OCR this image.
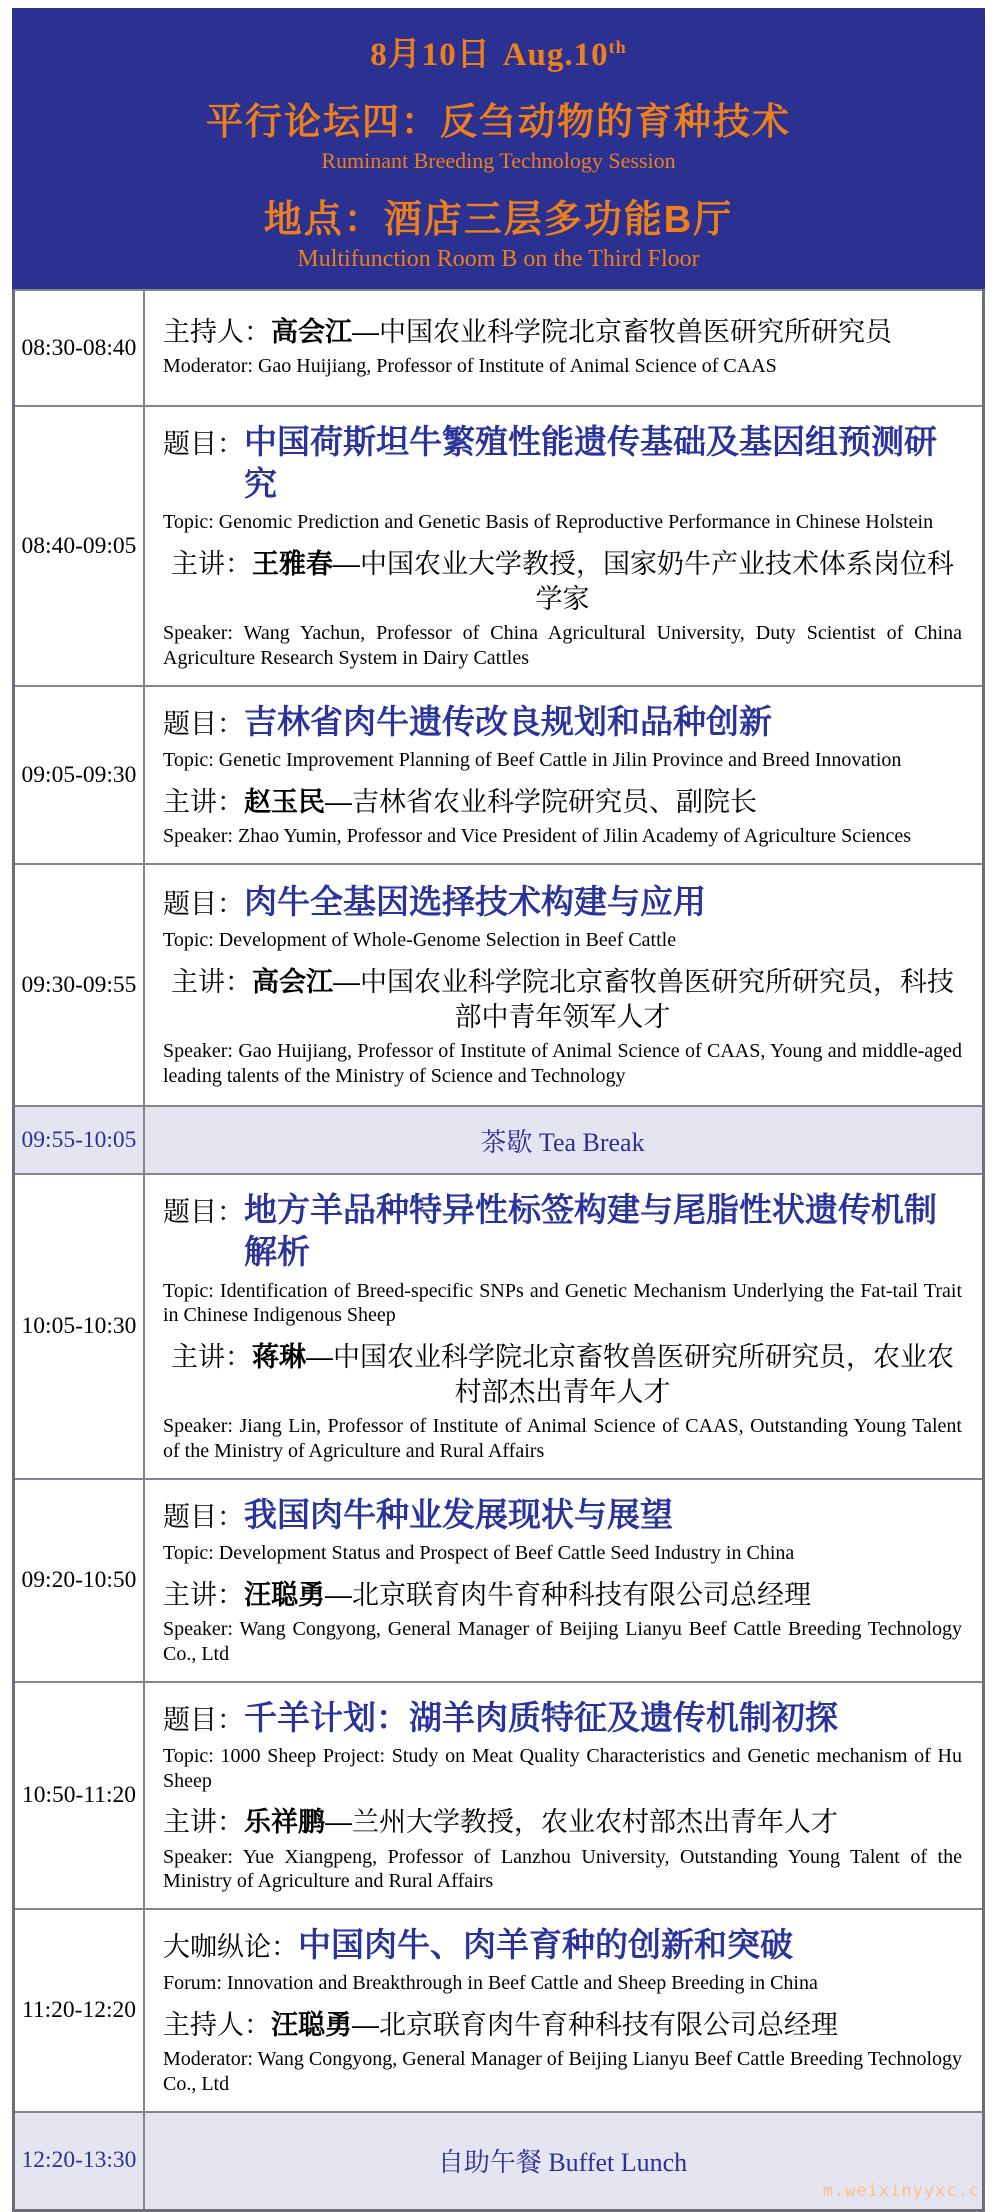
8月10日 Aug.10th
平行论坛四：反刍动物的育种技术
Ruminant Breeding Technology Session
地点：酒店三层多功能B厅
Multifunction Room B on the Third Floor
08:30-08:40
主持人：高会江—中国农业科学院北京畜牧兽医研究所研究员
Moderator: Gao Huijiang, Professor of Institute of Animal Science of CAAS
08:40-09:05
题目： 中国荷斯坦牛繁殖性能遗传基础及基因组预测研究
Topic: Genomic Prediction and Genetic Basis of Reproductive Performance in Chinese Holstein
主讲：王雅春—中国农业大学教授，国家奶牛产业技术体系岗位科学家
Speaker: Wang Yachun, Professor of China Agricultural University, Duty Scientist of China Agriculture Research System in Dairy Cattles
09:05-09:30
题目： 吉林省肉牛遗传改良规划和品种创新
Topic: Genetic Improvement Planning of Beef Cattle in Jilin Province and Breed Innovation
主讲：赵玉民—吉林省农业科学院研究员、副院长
Speaker: Zhao Yumin, Professor and Vice President of Jilin Academy of Agriculture Sciences
09:30-09:55
题目： 肉牛全基因选择技术构建与应用
Topic: Development of Whole-Genome Selection in Beef Cattle
主讲：高会江—中国农业科学院北京畜牧兽医研究所研究员，科技部中青年领军人才
Speaker: Gao Huijiang, Professor of Institute of Animal Science of CAAS, Young and middle-aged leading talents of the Ministry of Science and Technology
09:55-10:05	茶歇 Tea Break
10:05-10:30
题目： 地方羊品种特异性标签构建与尾脂性状遗传机制解析
Topic: Identification of Breed-specific SNPs and Genetic Mechanism Underlying the Fat-tail Trait in Chinese Indigenous Sheep
主讲：蒋琳—中国农业科学院北京畜牧兽医研究所研究员，农业农村部杰出青年人才
Speaker: Jiang Lin, Professor of Institute of Animal Science of CAAS, Outstanding Young Talent of the Ministry of Agriculture and Rural Affairs
09:20-10:50
题目： 我国肉牛种业发展现状与展望
Topic: Development Status and Prospect of Beef Cattle Seed Industry in China
主讲：汪聪勇—北京联育肉牛育种科技有限公司总经理
Speaker: Wang Congyong, General Manager of Beijing Lianyu Beef Cattle Breeding Technology Co., Ltd
10:50-11:20
题目： 千羊计划：湖羊肉质特征及遗传机制初探
Topic: 1000 Sheep Project: Study on Meat Quality Characteristics and Genetic mechanism of Hu Sheep
主讲：乐祥鹏—兰州大学教授，农业农村部杰出青年人才
Speaker: Yue Xiangpeng, Professor of Lanzhou University, Outstanding Young Talent of the Ministry of Agriculture and Rural Affairs
11:20-12:20
大咖纵论： 中国肉牛、肉羊育种的创新和突破
Forum: Innovation and Breakthrough in Beef Cattle and Sheep Breeding in China
主持人：汪聪勇—北京联育肉牛育种科技有限公司总经理
Moderator: Wang Congyong, General Manager of Beijing Lianyu Beef Cattle Breeding Technology Co., Ltd
12:20-13:30	自助午餐 Buffet Lunch
m.weixinyyxc.c
